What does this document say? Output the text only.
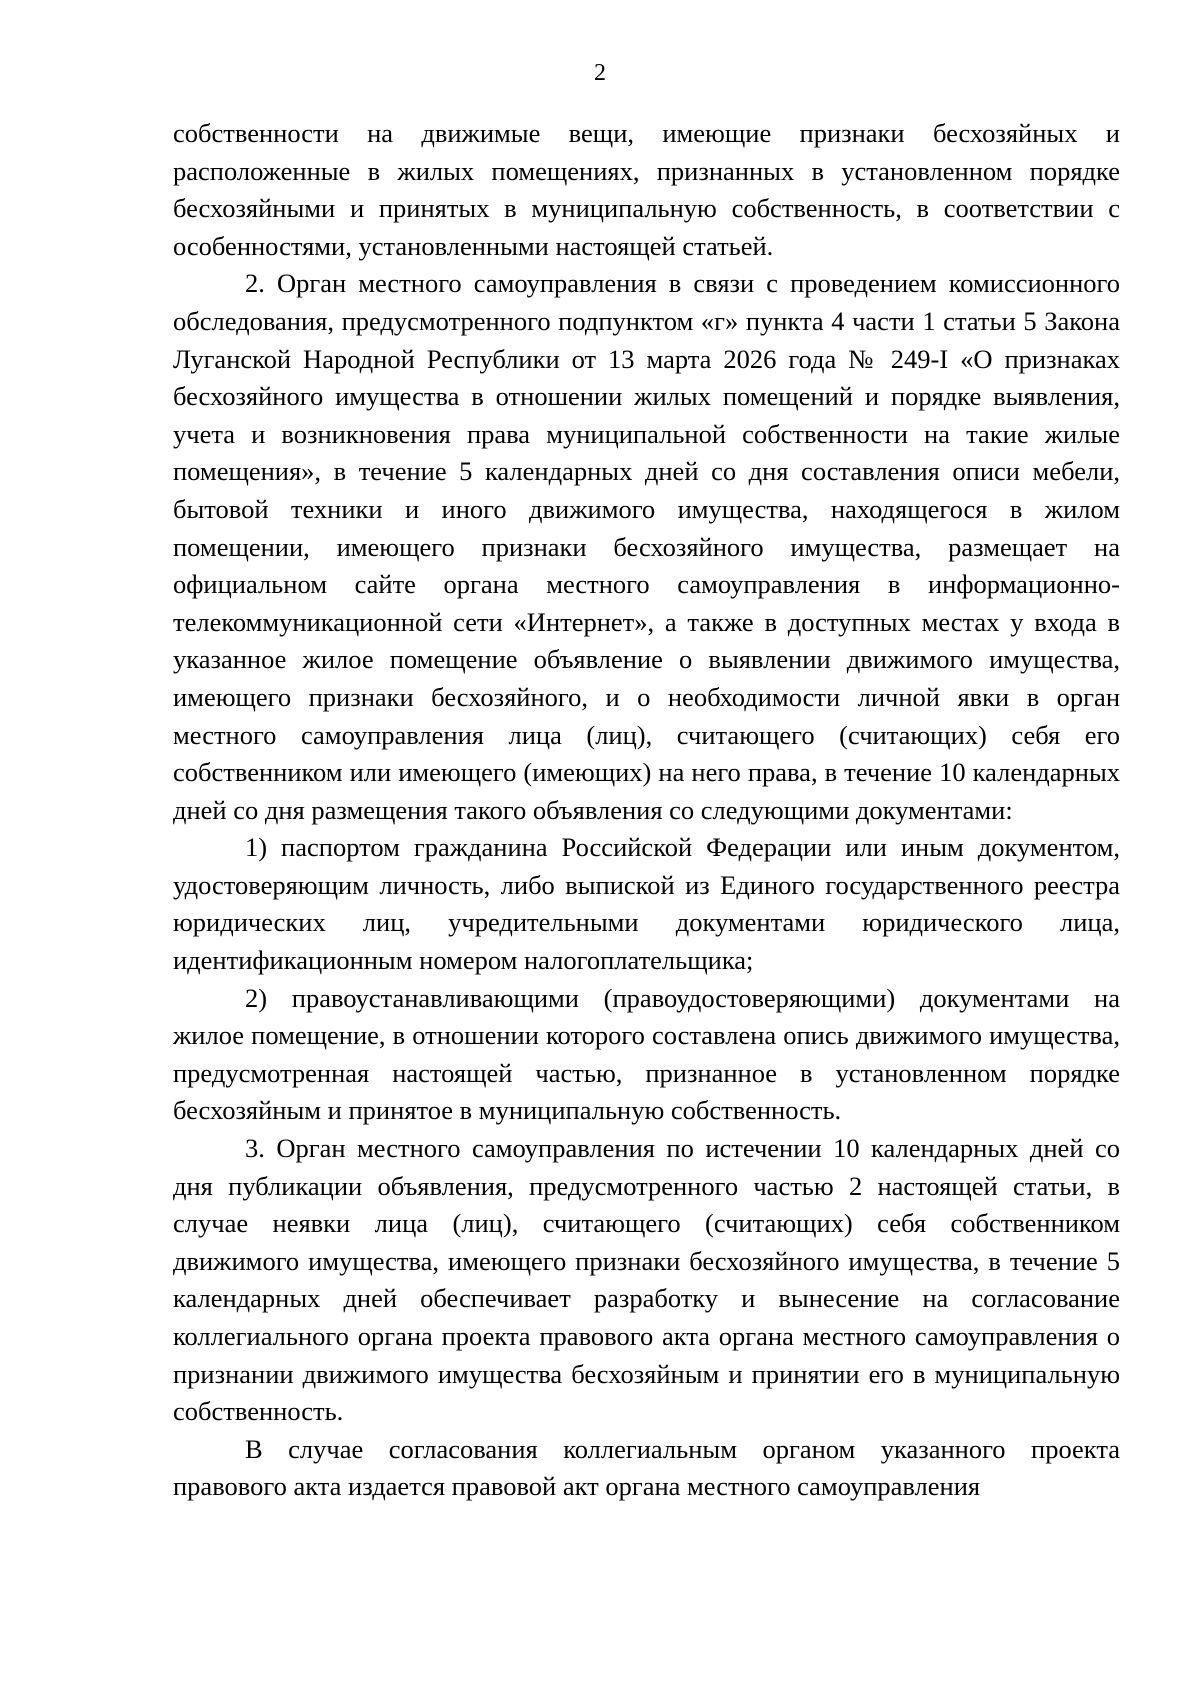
2

собственности на движимые вещи, имеющие признаки бесхозяйных и расположенные в жилых помещениях, признанных в установленном порядке бесхозяйными и принятых в муниципальную собственность, в соответствии с особенностями, установленными настоящей статьей.

2. Орган местного самоуправления в связи с проведением комиссионного обследования, предусмотренного подпунктом «г» пункта 4 части 1 статьи 5 Закона Луганской Народной Республики от 13 марта 2026 года № 249-I «О признаках бесхозяйного имущества в отношении жилых помещений и порядке выявления, учета и возникновения права муниципальной собственности на такие жилые помещения», в течение 5 календарных дней со дня составления описи мебели, бытовой техники и иного движимого имущества, находящегося в жилом помещении, имеющего признаки бесхозяйного имущества, размещает на официальном сайте органа местного самоуправления в информационно-телекоммуникационной сети «Интернет», а также в доступных местах у входа в указанное жилое помещение объявление о выявлении движимого имущества, имеющего признаки бесхозяйного, и о необходимости личной явки в орган местного самоуправления лица (лиц), считающего (считающих) себя его собственником или имеющего (имеющих) на него права, в течение 10 календарных дней со дня размещения такого объявления со следующими документами:

1) паспортом гражданина Российской Федерации или иным документом, удостоверяющим личность, либо выпиской из Единого государственного реестра юридических лиц, учредительными документами юридического лица, идентификационным номером налогоплательщика;

2) правоустанавливающими (правоудостоверяющими) документами на жилое помещение, в отношении которого составлена опись движимого имущества, предусмотренная настоящей частью, признанное в установленном порядке бесхозяйным и принятое в муниципальную собственность.

3. Орган местного самоуправления по истечении 10 календарных дней со дня публикации объявления, предусмотренного частью 2 настоящей статьи, в случае неявки лица (лиц), считающего (считающих) себя собственником движимого имущества, имеющего признаки бесхозяйного имущества, в течение 5 календарных дней обеспечивает разработку и вынесение на согласование коллегиального органа проекта правового акта органа местного самоуправления о признании движимого имущества бесхозяйным и принятии его в муниципальную собственность.

В случае согласования коллегиальным органом указанного проекта правового акта издается правовой акт органа местного самоуправления
